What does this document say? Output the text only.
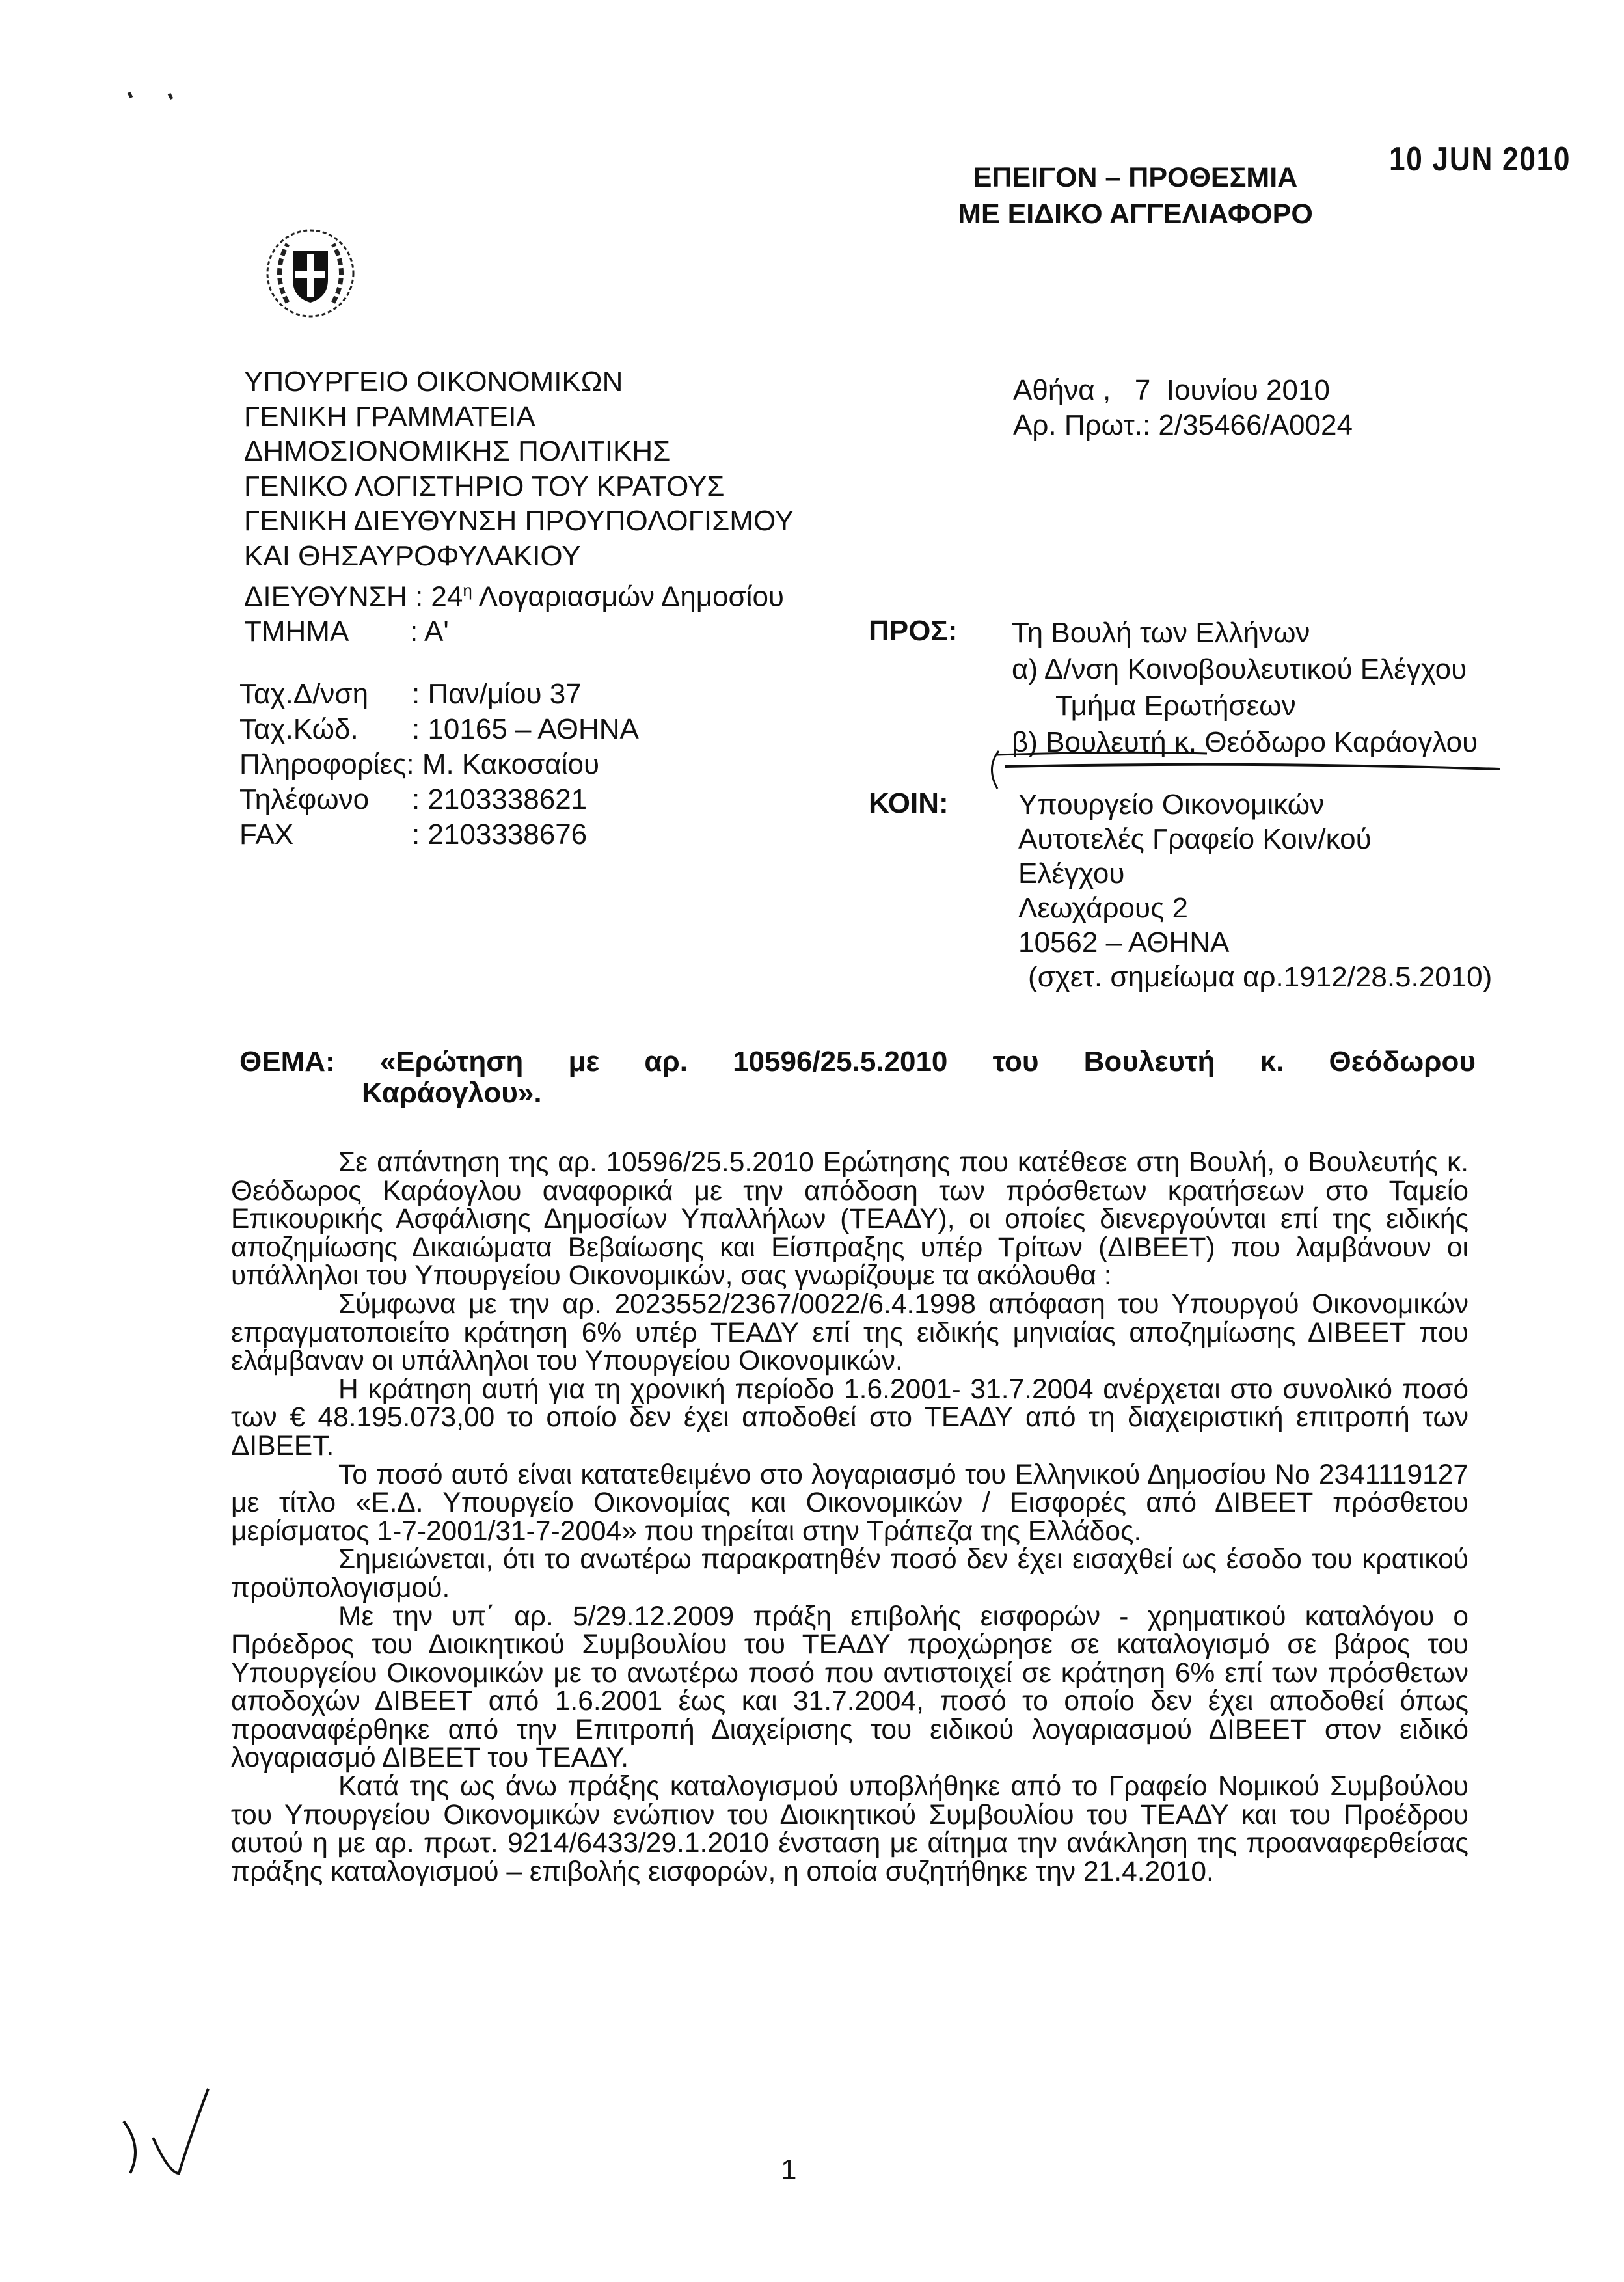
ΕΠΕΙΓΟΝ – ΠΡΟΘΕΣΜΙΑ
ΜΕ ΕΙΔΙΚΟ ΑΓΓΕΛΙΑΦΟΡΟ
10 JUN 2010
ΥΠΟΥΡΓΕΙΟ ΟΙΚΟΝΟΜΙΚΩΝ
ΓΕΝΙΚΗ ΓΡΑΜΜΑΤΕΙΑ
ΔΗΜΟΣΙΟΝΟΜΙΚΗΣ ΠΟΛΙΤΙΚΗΣ
ΓΕΝΙΚΟ ΛΟΓΙΣΤΗΡΙΟ ΤΟΥ ΚΡΑΤΟΥΣ
ΓΕΝΙΚΗ ΔΙΕΥΘΥΝΣΗ ΠΡΟΥΠΟΛΟΓΙΣΜΟΥ
ΚΑΙ ΘΗΣΑΥΡΟΦΥΛΑΚΙΟΥ
ΔΙΕΥΘΥΝΣΗ : $24^\eta$ Λογαριασμών Δημοσίου
ΤΜΗΜΑ : Α'
Ταχ.Δ/νση : Παν/μίου 37
Ταχ.Κώδ. : 10165 – ΑΘΗΝΑ
Πληροφορίες: Μ. Κακοσαίου
Τηλέφωνο : 2103338621
FAX	: 2103338676
Αθήνα ,   7  Ιουνίου 2010
Αρ. Πρωτ.: 2/35466/Α0024
ΠΡΟΣ:	Τη Βουλή των Ελλήνων
α) Δ/νση Κοινοβουλευτικού Ελέγχου
Τμήμα Ερωτήσεων
β) Βουλευτή κ. Θεόδωρο Καράογλου
ΚΟΙΝ: Υπουργείο Οικονομικών
Αυτοτελές Γραφείο Κοιν/κού
Ελέγχου
Λεωχάρους 2
10562 – ΑΘΗΝΑ
(σχετ. σημείωμα αρ.1912/28.5.2010)
ΘΕΜΑ: «Ερώτηση με αρ. 10596/25.5.2010 του Βουλευτή κ. Θεόδωρου
Καράογλου».

Σε απάντηση της αρ. 10596/25.5.2010 Ερώτησης που κατέθεσε στη Βουλή, ο Βουλευτής κ. Θεόδωρος Καράογλου αναφορικά με την απόδοση των πρόσθετων κρατήσεων στο Ταμείο Επικουρικής Ασφάλισης Δημοσίων Υπαλλήλων (ΤΕΑΔΥ), οι οποίες διενεργούνται επί της ειδικής αποζημίωσης Δικαιώματα Βεβαίωσης και Είσπραξης υπέρ Τρίτων (ΔΙΒΕΕΤ) που λαμβάνουν οι υπάλληλοι του Υπουργείου Οικονομικών, σας γνωρίζουμε τα ακόλουθα :

Σύμφωνα με την αρ. 2023552/2367/0022/6.4.1998 απόφαση του Υπουργού Οικονομικών επραγματοποιείτο κράτηση 6% υπέρ ΤΕΑΔΥ επί της ειδικής μηνιαίας αποζημίωσης ΔΙΒΕΕΤ που ελάμβαναν οι υπάλληλοι του Υπουργείου Οικονομικών.

Η κράτηση αυτή για τη χρονική περίοδο 1.6.2001- 31.7.2004 ανέρχεται στο συνολικό ποσό των € 48.195.073,00 το οποίο δεν έχει αποδοθεί στο ΤΕΑΔΥ από τη διαχειριστική επιτροπή των ΔΙΒΕΕΤ.

Το ποσό αυτό είναι κατατεθειμένο στο λογαριασμό του Ελληνικού Δημοσίου Νο 2341119127 με τίτλο «Ε.Δ. Υπουργείο Οικονομίας και Οικονομικών / Εισφορές από ΔΙΒΕΕΤ πρόσθετου μερίσματος 1-7-2001/31-7-2004» που τηρείται στην Τράπεζα της Ελλάδος.

Σημειώνεται, ότι το ανωτέρω παρακρατηθέν ποσό δεν έχει εισαχθεί ως έσοδο του κρατικού προϋπολογισμού.

Με την υπ΄ αρ. 5/29.12.2009 πράξη επιβολής εισφορών - χρηματικού καταλόγου ο Πρόεδρος του Διοικητικού Συμβουλίου του ΤΕΑΔΥ προχώρησε σε καταλογισμό σε βάρος του Υπουργείου Οικονομικών με το ανωτέρω ποσό που αντιστοιχεί σε κράτηση 6% επί των πρόσθετων αποδοχών ΔΙΒΕΕΤ από 1.6.2001 έως και 31.7.2004, ποσό το οποίο δεν έχει αποδοθεί όπως προαναφέρθηκε από την Επιτροπή Διαχείρισης του ειδικού λογαριασμού ΔΙΒΕΕΤ στον ειδικό λογαριασμό ΔΙΒΕΕΤ του ΤΕΑΔΥ.

Κατά της ως άνω πράξης καταλογισμού υποβλήθηκε από το Γραφείο Νομικού Συμβούλου του Υπουργείου Οικονομικών ενώπιον του Διοικητικού Συμβουλίου του ΤΕΑΔΥ και του Προέδρου αυτού η με αρ. πρωτ. 9214/6433/29.1.2010 ένσταση με αίτημα την ανάκληση της προαναφερθείσας πράξης καταλογισμού – επιβολής εισφορών, η οποία συζητήθηκε την 21.4.2010.

1
